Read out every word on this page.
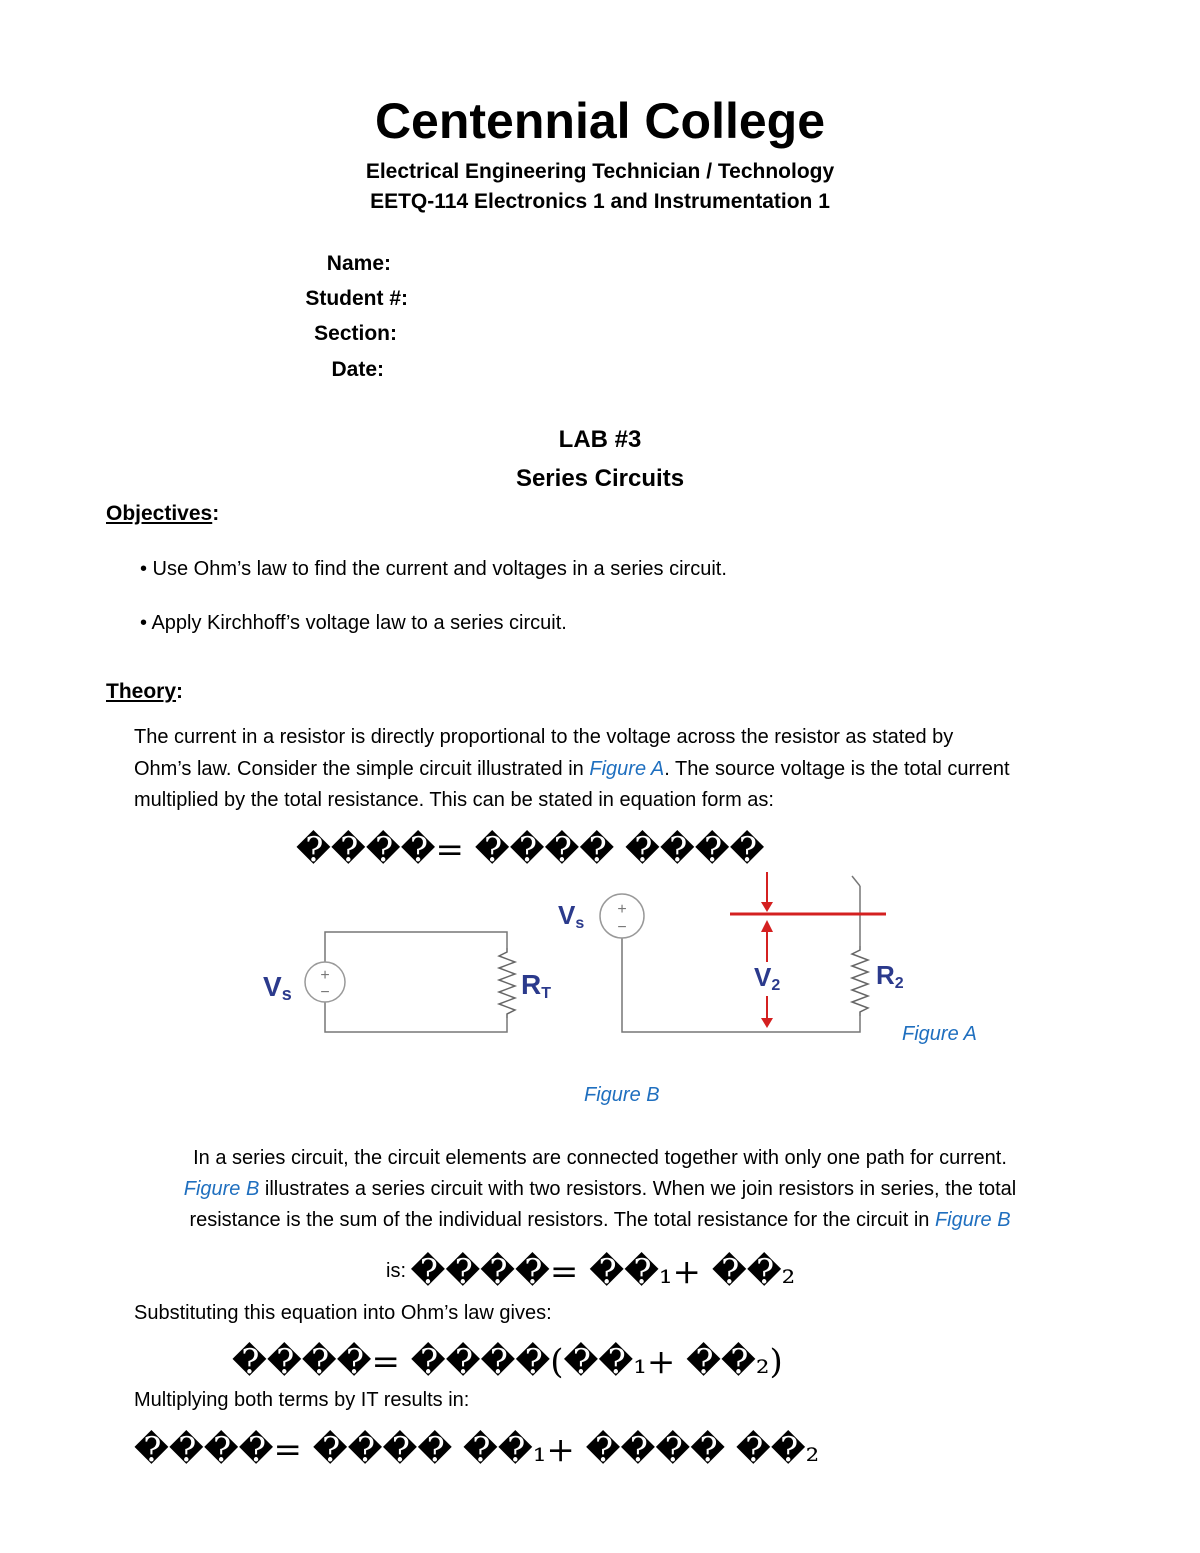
Centennial College
Electrical Engineering Technician / Technology
EETQ-114 Electronics 1 and Instrumentation 1
Name:
Student #:
Section:
Date:
LAB #3
Series Circuits
Objectives:
• Use Ohm’s law to find the current and voltages in a series circuit.
• Apply Kirchhoff’s voltage law to a series circuit.
Theory:
The current in a resistor is directly proportional to the voltage across the resistor as stated by
Ohm’s law. Consider the simple circuit illustrated in Figure A. The source voltage is the total current
multiplied by the total resistance. This can be stated in equation form as:
����= ���� ����
+
−
Vs	RT
+
−
Vs
V2	R2
Figure A
Figure B
In a series circuit, the circuit elements are connected together with only one path for current.
Figure B illustrates a series circuit with two resistors. When we join resistors in series, the total
resistance is the sum of the individual resistors. The total resistance for the circuit in Figure B
is: ����= ��₁+ ��₂
Substituting this equation into Ohm’s law gives:
����= ����(��₁+ ��₂)
Multiplying both terms by IT results in:
����= ���� ��₁+ ���� ��₂
